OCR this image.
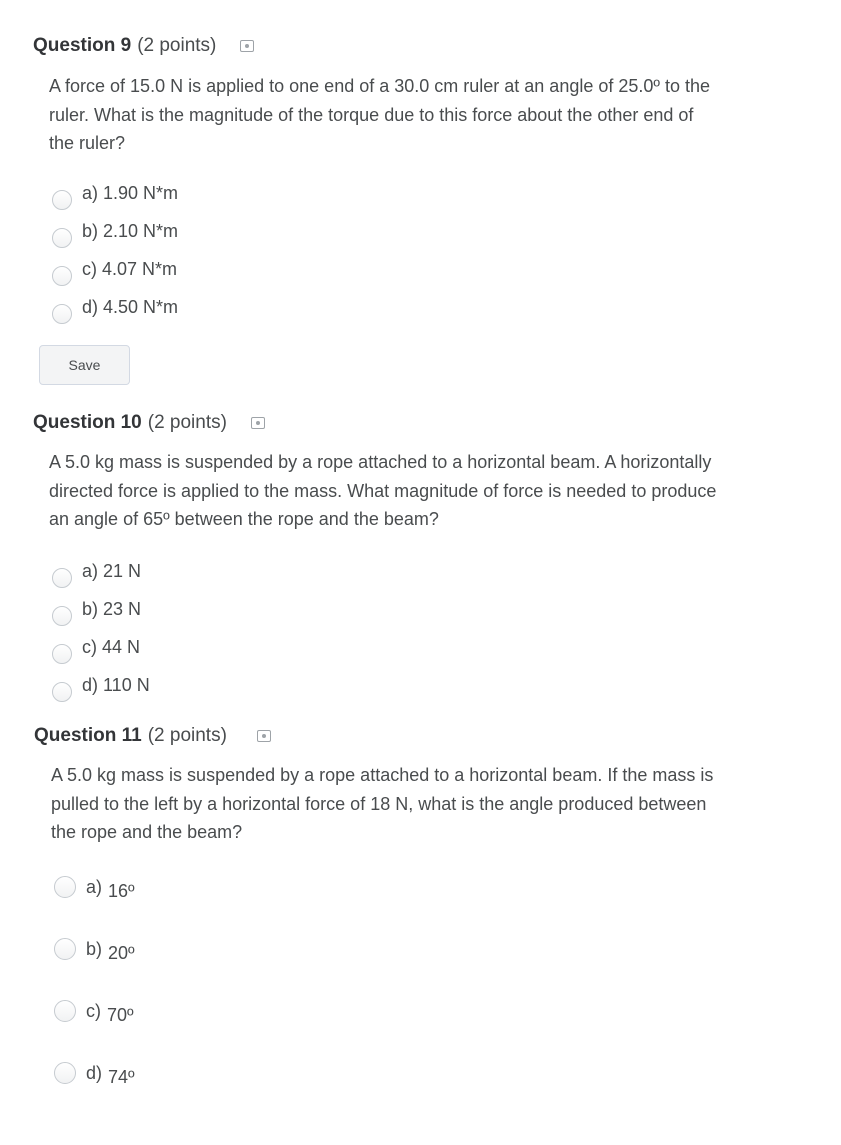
Question 9 (2 points)
A force of 15.0 N is applied to one end of a 30.0 cm ruler at an angle of 25.0º to the
ruler. What is the magnitude of the torque due to this force about the other end of
the ruler?
a) 1.90 N*m
b) 2.10 N*m
c) 4.07 N*m
d) 4.50 N*m
Save
Question 10 (2 points)
A 5.0 kg mass is suspended by a rope attached to a horizontal beam. A horizontally
directed force is applied to the mass. What magnitude of force is needed to produce
an angle of 65º between the rope and the beam?
a) 21 N
b) 23 N
c) 44 N
d) 110 N
Question 11 (2 points)
A 5.0 kg mass is suspended by a rope attached to a horizontal beam. If the mass is
pulled to the left by a horizontal force of 18 N, what is the angle produced between
the rope and the beam?
a) 16º
b) 20º
c) 70º
d) 74º
